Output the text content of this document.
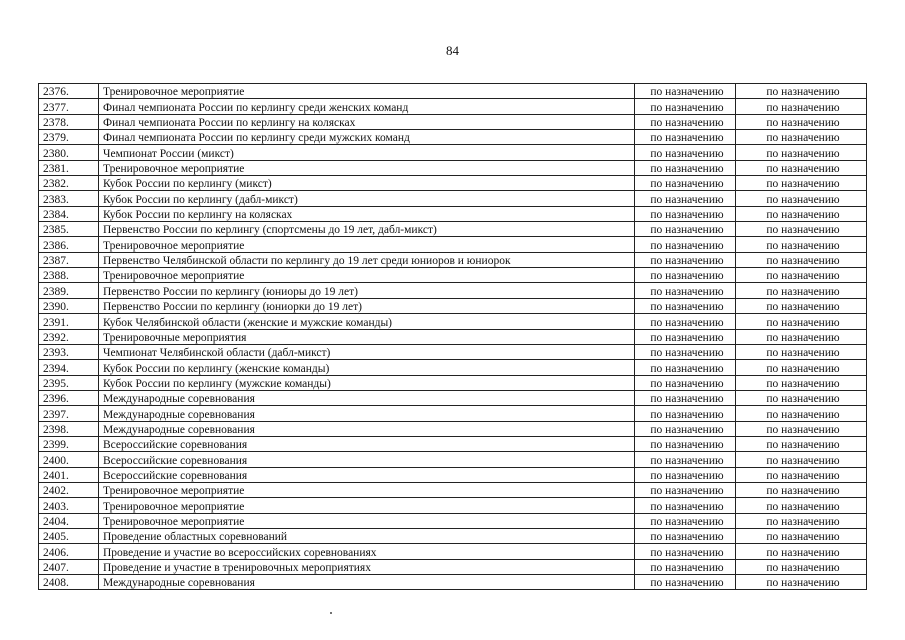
84
2376.	Тренировочное мероприятие	по назначению	по назначению
2377.	Финал чемпионата России по керлингу среди женских команд	по назначению	по назначению
2378.	Финал чемпионата России по керлингу на колясках	по назначению	по назначению
2379.	Финал чемпионата России по керлингу среди мужских команд	по назначению	по назначению
2380.	Чемпионат России (микст)	по назначению	по назначению
2381.	Тренировочное мероприятие	по назначению	по назначению
2382.	Кубок России по керлингу (микст)	по назначению	по назначению
2383.	Кубок России по керлингу (дабл-микст)	по назначению	по назначению
2384.	Кубок России по керлингу на колясках	по назначению	по назначению
2385.	Первенство России по керлингу (спортсмены до 19 лет, дабл-микст)	по назначению	по назначению
2386.	Тренировочное мероприятие	по назначению	по назначению
2387.	Первенство Челябинской области по керлингу до 19 лет среди юниоров и юниорок	по назначению	по назначению
2388.	Тренировочное мероприятие	по назначению	по назначению
2389.	Первенство России по керлингу (юниоры до 19 лет)	по назначению	по назначению
2390.	Первенство России по керлингу (юниорки до 19 лет)	по назначению	по назначению
2391.	Кубок Челябинской области (женские и мужские команды)	по назначению	по назначению
2392.	Тренировочные мероприятия	по назначению	по назначению
2393.	Чемпионат Челябинской области (дабл-микст)	по назначению	по назначению
2394.	Кубок России по керлингу (женские команды)	по назначению	по назначению
2395.	Кубок России по керлингу (мужские команды)	по назначению	по назначению
2396.	Международные соревнования	по назначению	по назначению
2397.	Международные соревнования	по назначению	по назначению
2398.	Международные соревнования	по назначению	по назначению
2399.	Всероссийские соревнования	по назначению	по назначению
2400.	Всероссийские соревнования	по назначению	по назначению
2401.	Всероссийские соревнования	по назначению	по назначению
2402.	Тренировочное мероприятие	по назначению	по назначению
2403.	Тренировочное мероприятие	по назначению	по назначению
2404.	Тренировочное мероприятие	по назначению	по назначению
2405.	Проведение областных соревнований	по назначению	по назначению
2406.	Проведение и участие во всероссийских соревнованиях	по назначению	по назначению
2407.	Проведение и участие в тренировочных мероприятиях	по назначению	по назначению
2408.	Международные соревнования	по назначению	по назначению
